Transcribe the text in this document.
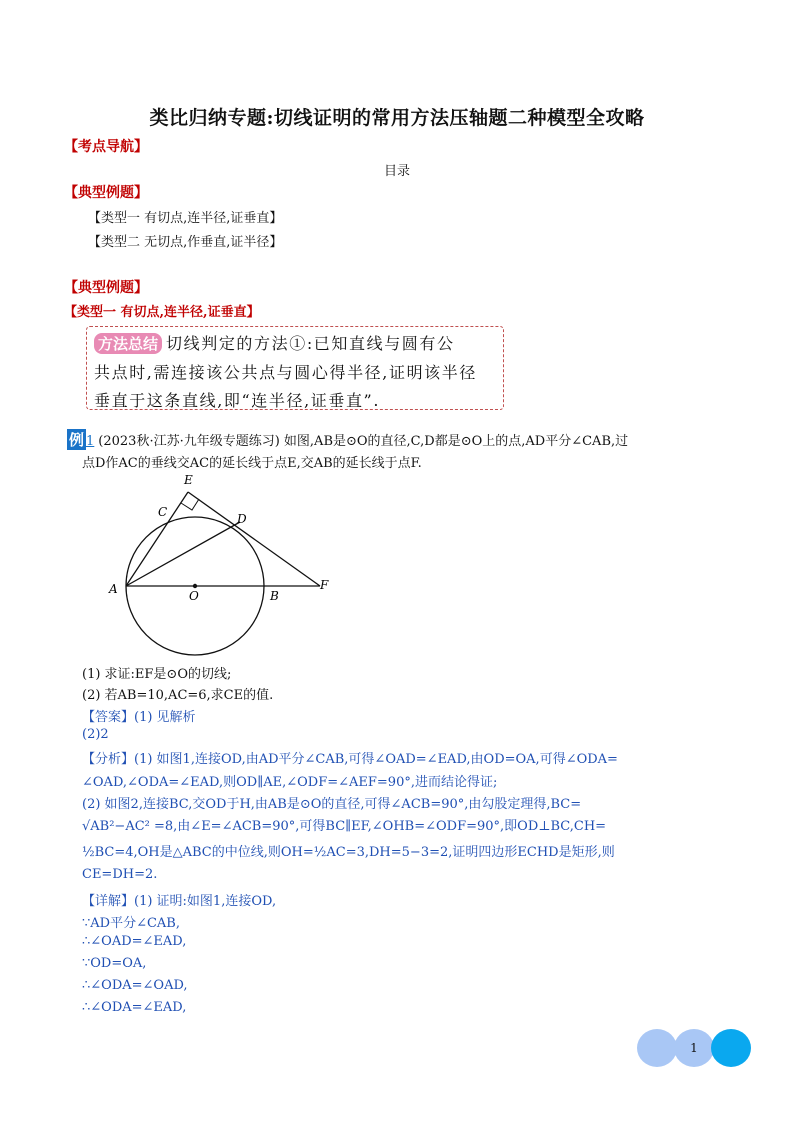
类比归纳专题:切线证明的常用方法压轴题二种模型全攻略
【考点导航】
目录
【典型例题】
【类型一 有切点,连半径,证垂直】
【类型二 无切点,作垂直,证半径】
【典型例题】
【类型一 有切点,连半径,证垂直】
方法总结 切线判定的方法①:已知直线与圆有公
共点时,需连接该公共点与圆心得半径,证明该半径
垂直于这条直线,即“连半径,证垂直”.
例 1 (2023秋·江苏·九年级专题练习) 如图,AB是⊙O的直径,C,D都是⊙O上的点,AD平分∠CAB,过
点D作AC的垂线交AC的延长线于点E,交AB的延长线于点F.
E
C	D
A	O	B
F
(1) 求证:EF是⊙O的切线;
(2) 若AB=10,AC=6,求CE的值.
【答案】(1) 见解析
(2)2
【分析】(1) 如图1,连接OD,由AD平分∠CAB,可得∠OAD=∠EAD,由OD=OA,可得∠ODA=
∠OAD,∠ODA=∠EAD,则OD∥AE,∠ODF=∠AEF=90°,进而结论得证;
(2) 如图2,连接BC,交OD于H,由AB是⊙O的直径,可得∠ACB=90°,由勾股定理得,BC=
√AB²−AC² =8,由∠E=∠ACB=90°,可得BC∥EF,∠OHB=∠ODF=90°,即OD⊥BC,CH=
½BC=4,OH是△ABC的中位线,则OH=½AC=3,DH=5−3=2,证明四边形ECHD是矩形,则
CE=DH=2.
【详解】(1) 证明:如图1,连接OD,
∵AD平分∠CAB,
∴∠OAD=∠EAD,
∵OD=OA,
∴∠ODA=∠OAD,
∴∠ODA=∠EAD,
1
